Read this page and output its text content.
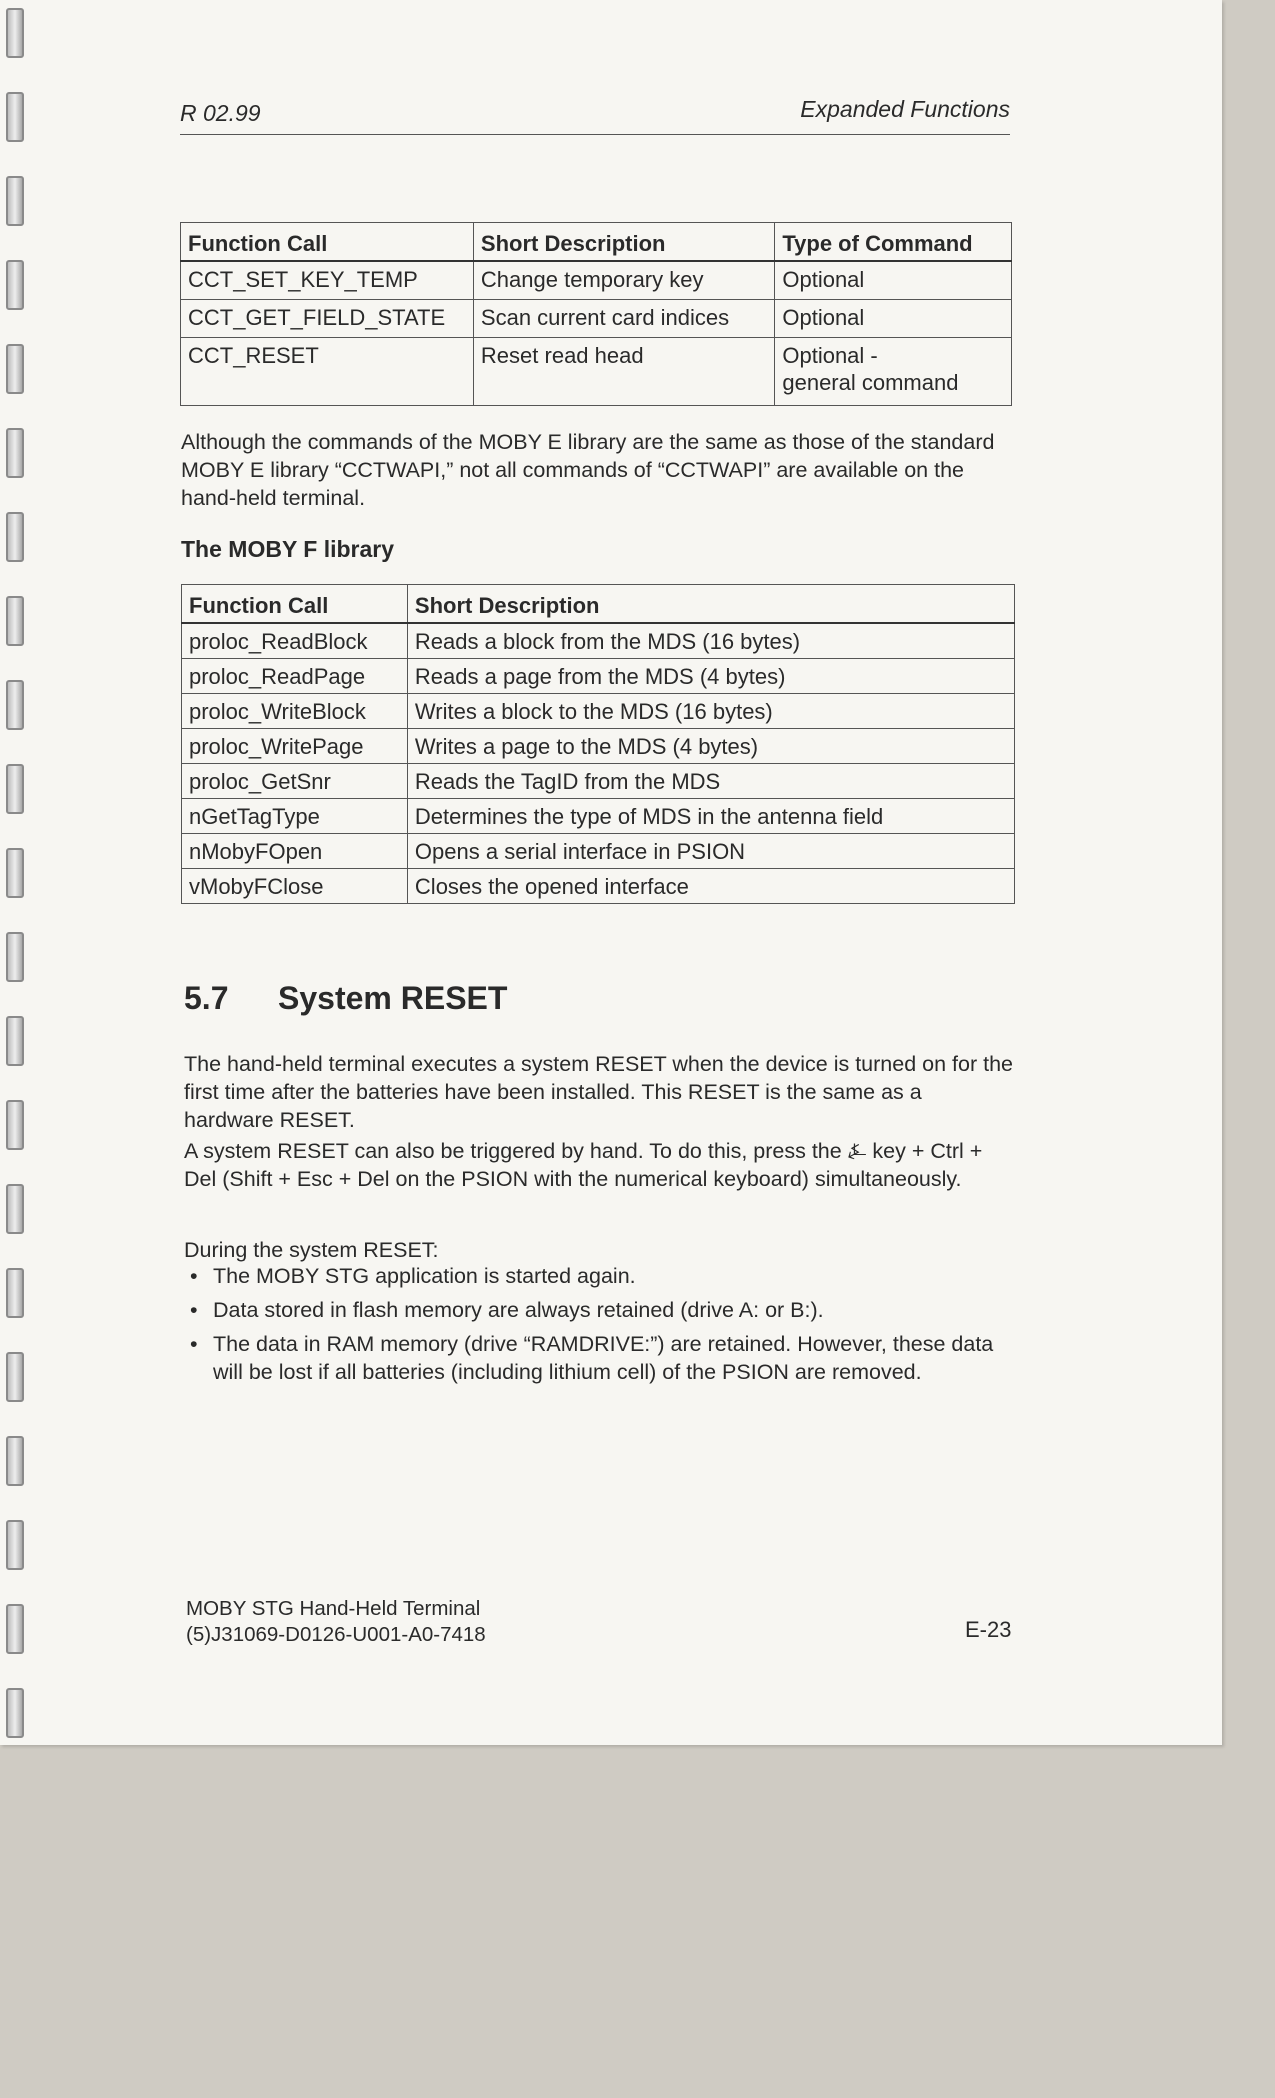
R 02.99	Expanded Functions
Function Call	Short Description	Type of Command
CCT_SET_KEY_TEMP	Change temporary key	Optional
CCT_GET_FIELD_STATE	Scan current card indices	Optional
CCT_RESET	Reset read head	Optional -
general command

Although the commands of the MOBY E library are the same as those of the standard MOBY E library “CCTWAPI,” not all commands of “CCTWAPI” are available on the hand-held terminal.

The MOBY F library
Function Call	Short Description
proloc_ReadBlock	Reads a block from the MDS (16 bytes)
proloc_ReadPage	Reads a page from the MDS (4 bytes)
proloc_WriteBlock	Writes a block to the MDS (16 bytes)
proloc_WritePage	Writes a page to the MDS (4 bytes)
proloc_GetSnr	Reads the TagID from the MDS
nGetTagType	Determines the type of MDS in the antenna field
nMobyFOpen	Opens a serial interface in PSION
vMobyFClose	Closes the opened interface
5.7 System RESET

The hand-held terminal executes a system RESET when the device is turned on for the first time after the batteries have been installed. This RESET is the same as a hardware RESET.

A system RESET can also be triggered by hand. To do this, press the ⍼ key + Ctrl + Del (Shift + Esc + Del on the PSION with the numerical keyboard) simultaneously.

During the system RESET:

• The MOBY STG application is started again.
• Data stored in flash memory are always retained (drive A: or B:).
• The data in RAM memory (drive “RAMDRIVE:”) are retained. However, these data will be lost if all batteries (including lithium cell) of the PSION are removed.
MOBY STG Hand-Held Terminal
(5)J31069-D0126-U001-A0-7418	E-23
